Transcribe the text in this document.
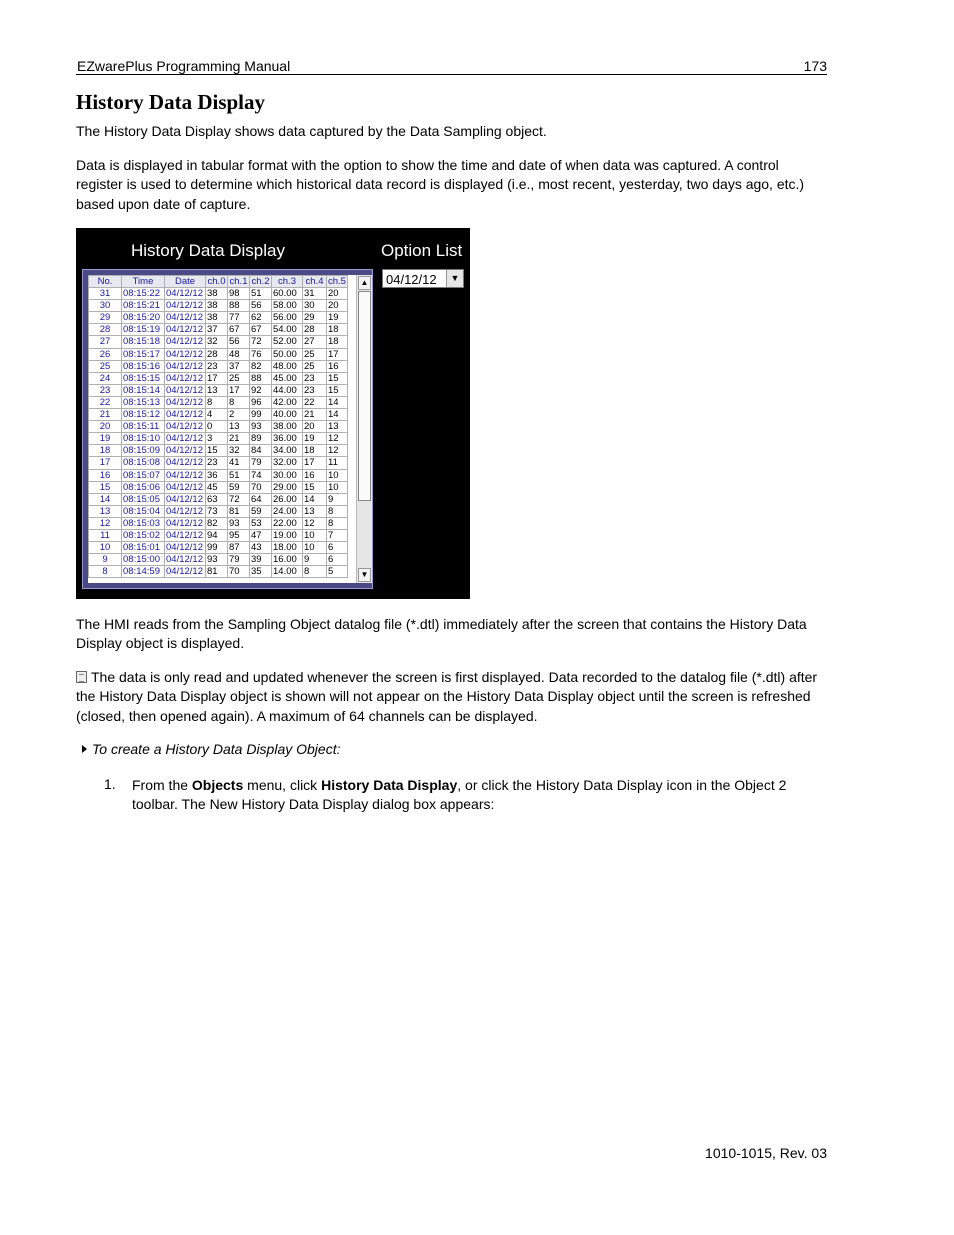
EZwarePlus Programming Manual	173
History Data Display
The History Data Display shows data captured by the Data Sampling object.
Data is displayed in tabular format with the option to show the time and date of when data was captured. A control register is used to determine which historical data record is displayed (i.e., most recent, yesterday, two days ago, etc.) based upon date of capture.
History Data Display	Option List
No.	Time	Date	ch.0	ch.1	ch.2	ch.3	ch.4	ch.5
31	08:15:22	04/12/12	38	98	51	60.00	31	20
30	08:15:21	04/12/12	38	88	56	58.00	30	20
29	08:15:20	04/12/12	38	77	62	56.00	29	19
28	08:15:19	04/12/12	37	67	67	54.00	28	18
27	08:15:18	04/12/12	32	56	72	52.00	27	18
26	08:15:17	04/12/12	28	48	76	50.00	25	17
25	08:15:16	04/12/12	23	37	82	48.00	25	16
24	08:15:15	04/12/12	17	25	88	45.00	23	15
23	08:15:14	04/12/12	13	17	92	44.00	23	15
22	08:15:13	04/12/12	8	8	96	42.00	22	14
21	08:15:12	04/12/12	4	2	99	40.00	21	14
20	08:15:11	04/12/12	0	13	93	38.00	20	13
19	08:15:10	04/12/12	3	21	89	36.00	19	12
18	08:15:09	04/12/12	15	32	84	34.00	18	12
17	08:15:08	04/12/12	23	41	79	32.00	17	11
16	08:15:07	04/12/12	36	51	74	30.00	16	10
15	08:15:06	04/12/12	45	59	70	29.00	15	10
14	08:15:05	04/12/12	63	72	64	26.00	14	9
13	08:15:04	04/12/12	73	81	59	24.00	13	8
12	08:15:03	04/12/12	82	93	53	22.00	12	8
11	08:15:02	04/12/12	94	95	47	19.00	10	7
10	08:15:01	04/12/12	99	87	43	18.00	10	6
9	08:15:00	04/12/12	93	79	39	16.00	9	6
8	08:14:59	04/12/12	81	70	35	14.00	8	5
▲
▼
04/12/12	▼
The HMI reads from the Sampling Object datalog file (*.dtl) immediately after the screen that contains the History Data Display object is displayed.
The data is only read and updated whenever the screen is first displayed. Data recorded to the datalog file (*.dtl) after the History Data Display object is shown will not appear on the History Data Display object until the screen is refreshed (closed, then opened again). A maximum of 64 channels can be displayed.
To create a History Data Display Object:
1. From the Objects menu, click History Data Display, or click the History Data Display icon in the Object 2 toolbar. The New History Data Display dialog box appears:
1010-1015, Rev. 03
